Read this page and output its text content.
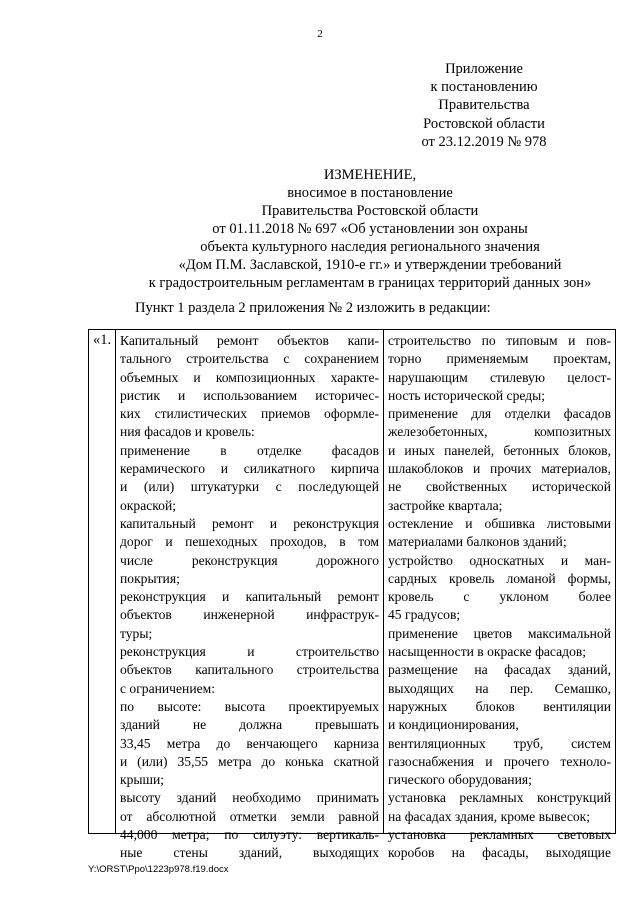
2
Приложение
к постановлению
Правительства
Ростовской области
от 23.12.2019 № 978
ИЗМЕНЕНИЕ,
вносимое в постановление
Правительства Ростовской области
от 01.11.2018 № 697 «Об установлении зон охраны
объекта культурного наследия регионального значения
«Дом П.М. Заславской, 1910-е гг.» и утверждении требований
к градостроительным регламентам в границах территорий данных зон»
Пункт 1 раздела 2 приложения № 2 изложить в редакции:
«1. Капитальный ремонт объектов капи-
тального строительства с сохранением
объемных и композиционных характе-
ристик и использованием историчес-
ких стилистических приемов оформле-
ния фасадов и кровель:
применение в отделке фасадов
керамического и силикатного кирпича
и (или) штукатурки с последующей
окраской;
капитальный ремонт и реконструкция
дорог и пешеходных проходов, в том
числе реконструкция дорожного
покрытия;
реконструкция и капитальный ремонт
объектов инженерной инфраструк-
туры;
реконструкция и строительство
объектов капитального строительства
с ограничением:
по высоте: высота проектируемых
зданий не должна превышать
33,45 метра до венчающего карниза
и (или) 35,55 метра до конька скатной
крыши;
высоту зданий необходимо принимать
от абсолютной отметки земли равной
44,000 метра; по силуэту: вертикаль-
ные стены зданий, выходящих
строительство по типовым и пов-
торно применяемым проектам,
нарушающим стилевую целост-
ность исторической среды;
применение для отделки фасадов
железобетонных, композитных
и иных панелей, бетонных блоков,
шлакоблоков и прочих материалов,
не свойственных исторической
застройке квартала;
остекление и обшивка листовыми
материалами балконов зданий;
устройство односкатных и ман-
сардных кровель ломаной формы,
кровель с уклоном более
45 градусов;
применение цветов максимальной
насыщенности в окраске фасадов;
размещение на фасадах зданий,
выходящих на пер. Семашко,
наружных блоков вентиляции
и кондиционирования,
вентиляционных труб, систем
газоснабжения и прочего техноло-
гического оборудования;
установка рекламных конструкций
на фасадах здания, кроме вывесок;
установка рекламных световых
коробов на фасады, выходящие
Y:\ORST\Ppo\1223p978.f19.docx
